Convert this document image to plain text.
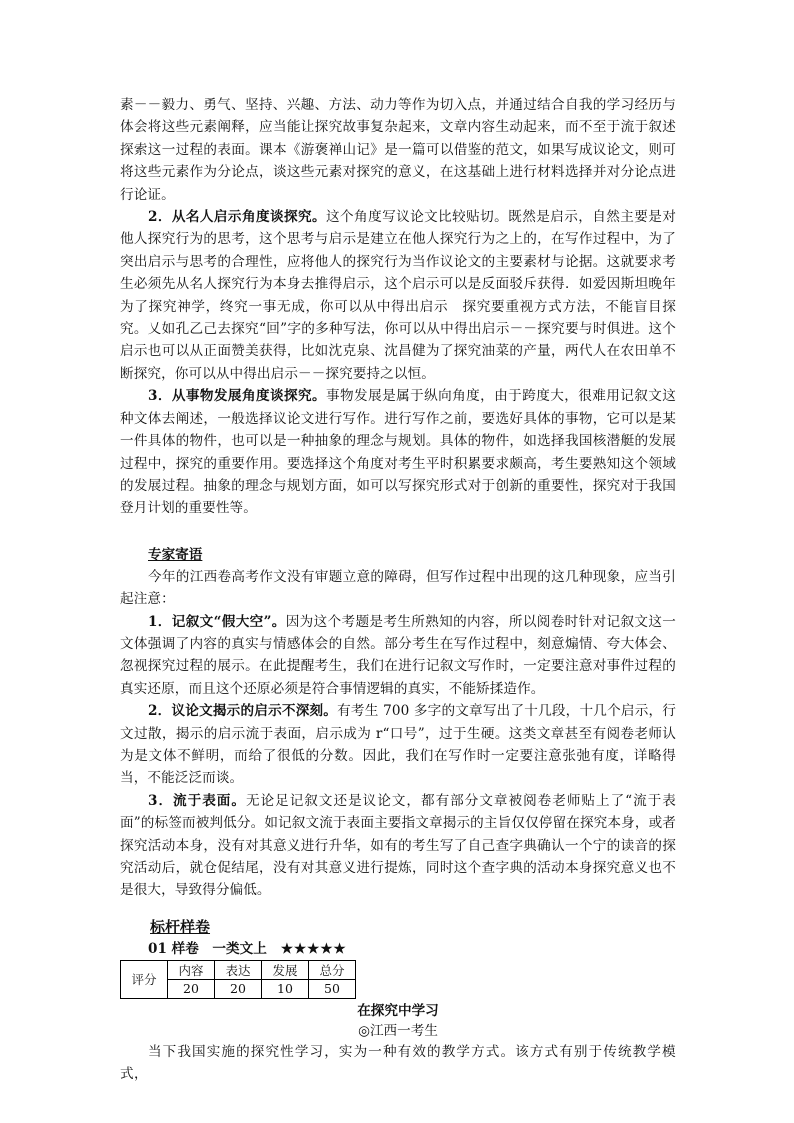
素－－毅力、勇气、坚持、兴趣、方法、动力等作为切入点，并通过结合自我的学习经历与体会将这些元素阐释，应当能让探究故事复杂起来，文章内容生动起来，而不至于流于叙述探索这一过程的表面。课本《游褒禅山记》是一篇可以借鉴的范文，如果写成议论文，则可将这些元素作为分论点，谈这些元素对探究的意义，在这基础上进行材料选择并对分论点进行论证。

2．从名人启示角度谈探究。这个角度写议论文比较贴切。既然是启示，自然主要是对他人探究行为的思考，这个思考与启示是建立在他人探究行为之上的，在写作过程中，为了突出启示与思考的合理性，应将他人的探究行为当作议论文的主要素材与论据。这就要求考生必须先从名人探究行为本身去推得启示，这个启示可以是反面驳斥获得．如爱因斯坦晚年为了探究神学，终究一事无成，你可以从中得出启示　探究要重视方式方法，不能盲目探究。乂如孔乙己去探究“回”字的多种写法，你可以从中得出启示－－探究要与时俱进。这个启示也可以从正面赞美获得，比如沈克泉、沈昌健为了探究油菜的产量，两代人在农田单不断探究，你可以从中得出启示－－探究要持之以恒。

3．从事物发展角度谈探究。事物发展是属于纵向角度，由于跨度大，很难用记叙文这种文体去阐述，一般选择议论文进行写作。进行写作之前，要选好具体的事物，它可以是某一件具体的物件，也可以是一种抽象的理念与规划。具体的物件，如选择我国核潜艇的发展过程中，探究的重要作用。要选择这个角度对考生平时积累要求颇高，考生要熟知这个领域的发展过程。抽象的理念与规划方面，如可以写探究形式对于创新的重要性，探究对于我国登月计划的重要性等。

专家寄语

今年的江西卷高考作文没有审题立意的障碍，但写作过程中出现的这几种现象，应当引起注意：

1．记叙文“假大空”。因为这个考题是考生所熟知的内容，所以阅卷时针对记叙文这一文体强调了内容的真实与情感体会的自然。部分考生在写作过程中，刻意煽情、夸大体会、忽视探究过程的展示。在此提醒考生，我们在进行记叙文写作时，一定要注意对事件过程的真实还原，而且这个还原必须是符合事情逻辑的真实，不能矫揉造作。

2．议论文揭示的启示不深刻。有考生 700 多字的文章写出了十几段，十几个启示，行文过散，揭示的启示流于表面，启示成为 r“口号”，过于生硬。这类文章甚至有阅卷老师认为是文体不鲜明，而给了很低的分数。因此，我们在写作时一定要注意张弛有度，详略得当，不能泛泛而谈。

3．流于表面。无论足记叙文还是议论文，都有部分文章被阅卷老师贴上了“流于表面”的标签而被判低分。如记叙文流于表面主要指文章揭示的主旨仅仅停留在探究本身，或者探究活动本身，没有对其意义进行升华，如有的考生写了自己查字典确认一个宁的读音的探究活动后，就仓促结尾，没有对其意义进行提炼，同时这个查字典的活动本身探究意义也不是很大，导致得分偏低。

标杆样卷
01 样卷　一类文上 ★★★★★
评分	内容	表达	发展	总分
	20	20	10	50
在探究中学习
◎江西一考生

当下我国实施的探究性学习，实为一种有效的教学方式。该方式有别于传统教学模式，
